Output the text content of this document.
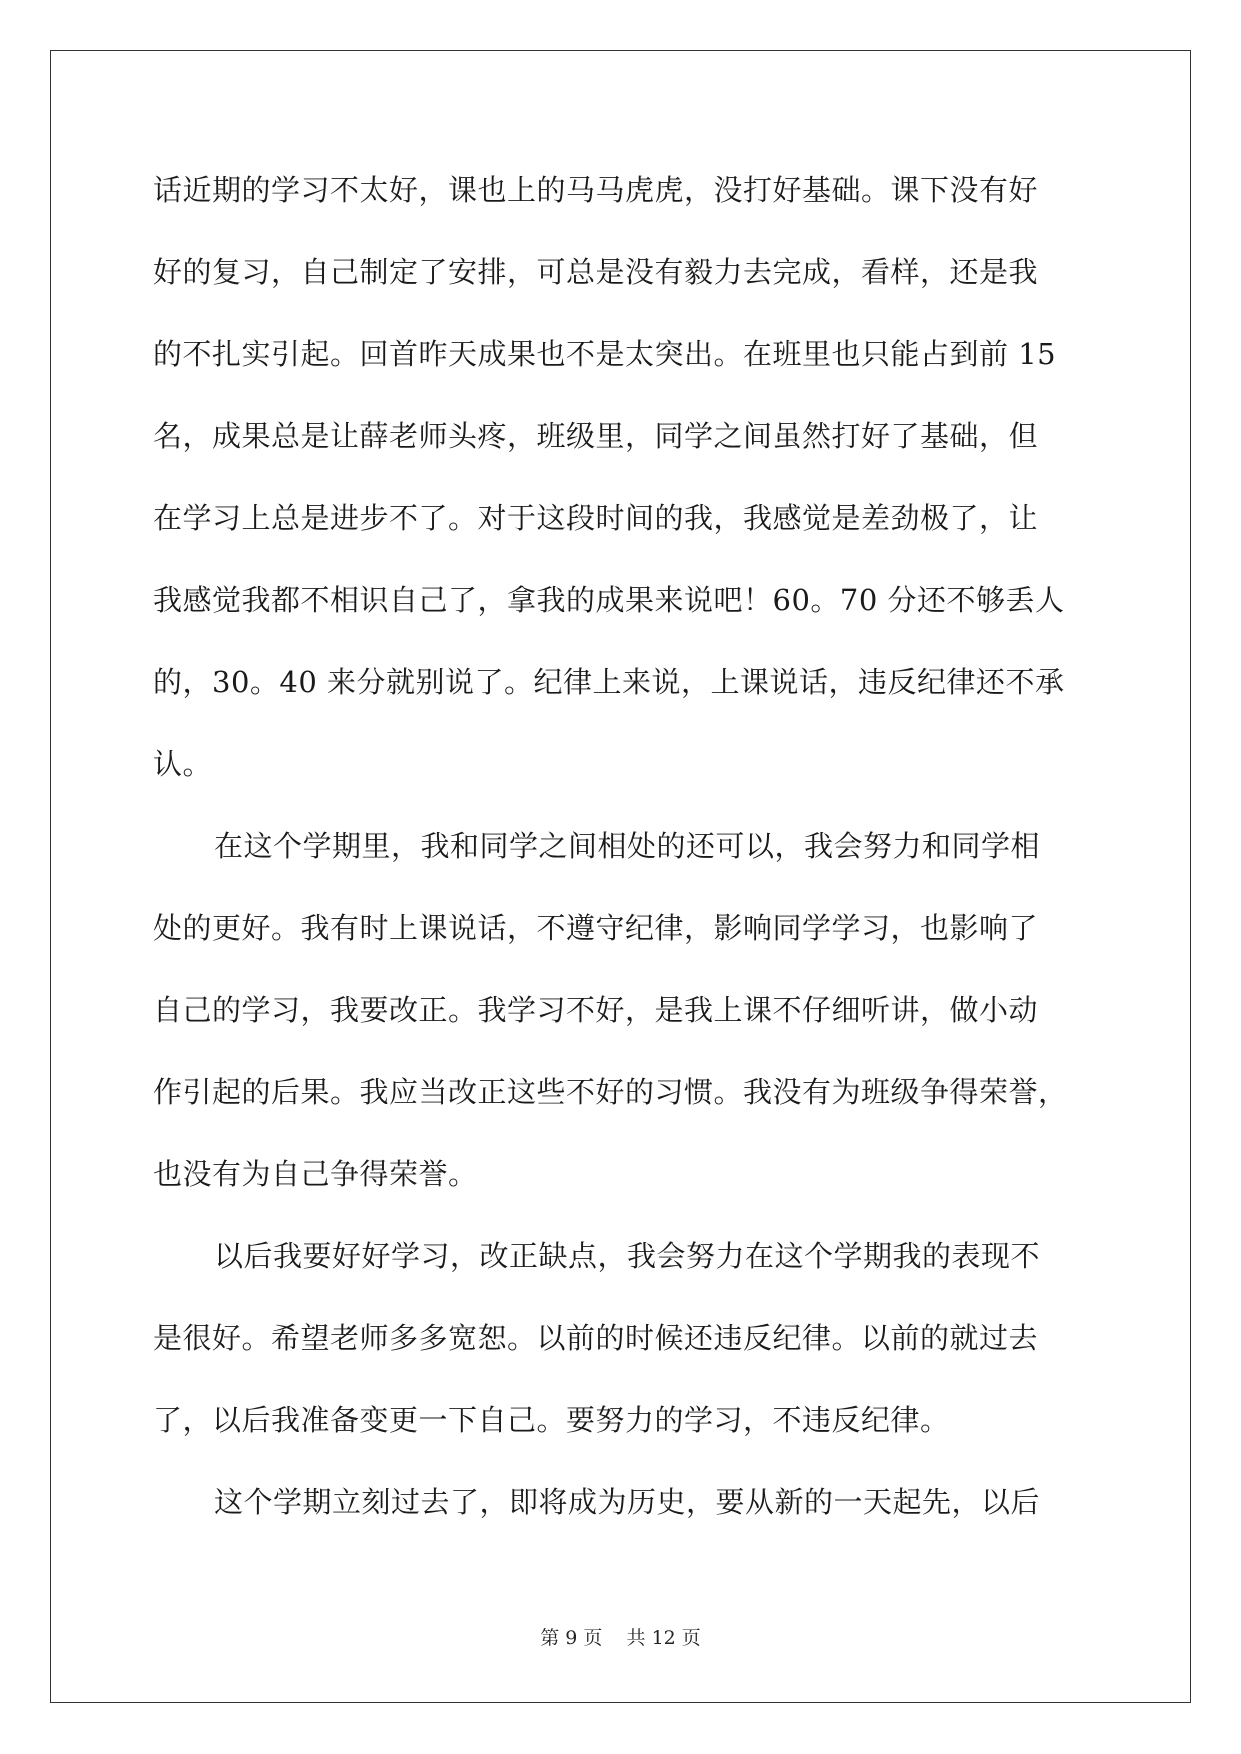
话近期的学习不太好，课也上的马马虎虎，没打好基础。课下没有好
好的复习，自己制定了安排，可总是没有毅力去完成，看样，还是我
的不扎实引起。回首昨天成果也不是太突出。在班里也只能占到前 15
名，成果总是让薛老师头疼，班级里，同学之间虽然打好了基础，但
在学习上总是进步不了。对于这段时间的我，我感觉是差劲极了，让
我感觉我都不相识自己了，拿我的成果来说吧！60。70 分还不够丢人
的，30。40 来分就别说了。纪律上来说，上课说话，违反纪律还不承
认。
在这个学期里，我和同学之间相处的还可以，我会努力和同学相
处的更好。我有时上课说话，不遵守纪律，影响同学学习，也影响了
自己的学习，我要改正。我学习不好，是我上课不仔细听讲，做小动
作引起的后果。我应当改正这些不好的习惯。我没有为班级争得荣誉，
也没有为自己争得荣誉。
以后我要好好学习，改正缺点，我会努力在这个学期我的表现不
是很好。希望老师多多宽恕。以前的时候还违反纪律。以前的就过去
了，以后我准备变更一下自己。要努力的学习，不违反纪律。
这个学期立刻过去了，即将成为历史，要从新的一天起先，以后
第 9 页 共 12 页
